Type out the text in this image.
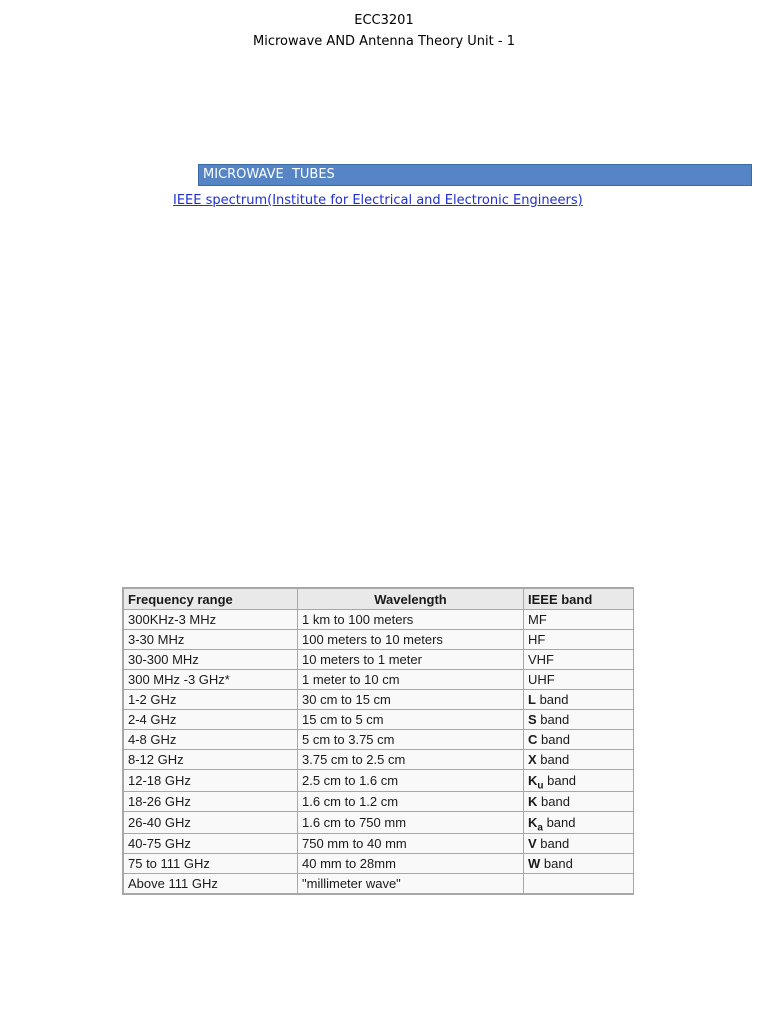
ECC3201
Microwave AND Antenna Theory Unit - 1
MICROWAVE  TUBES
IEEE spectrum(Institute for Electrical and Electronic Engineers)
Frequency range	Wavelength	IEEE band
300KHz-3 MHz	1 km to 100 meters	MF
3-30 MHz	100 meters to 10 meters	HF
30-300 MHz	10 meters to 1 meter	VHF
300 MHz -3 GHz*	1 meter to 10 cm	UHF
1-2 GHz	30 cm to 15 cm	L band
2-4 GHz	15 cm to 5 cm	S band
4-8 GHz	5 cm to 3.75 cm	C band
8-12 GHz	3.75 cm to 2.5 cm	X band
12-18 GHz	2.5 cm to 1.6 cm	$K_u$ band
18-26 GHz	1.6 cm to 1.2 cm	K band
26-40 GHz	1.6 cm to 750 mm	$K_a$ band
40-75 GHz	750 mm to 40 mm	V band
75 to 111 GHz	40 mm to 28mm	W band
Above 111 GHz	"millimeter wave"	
